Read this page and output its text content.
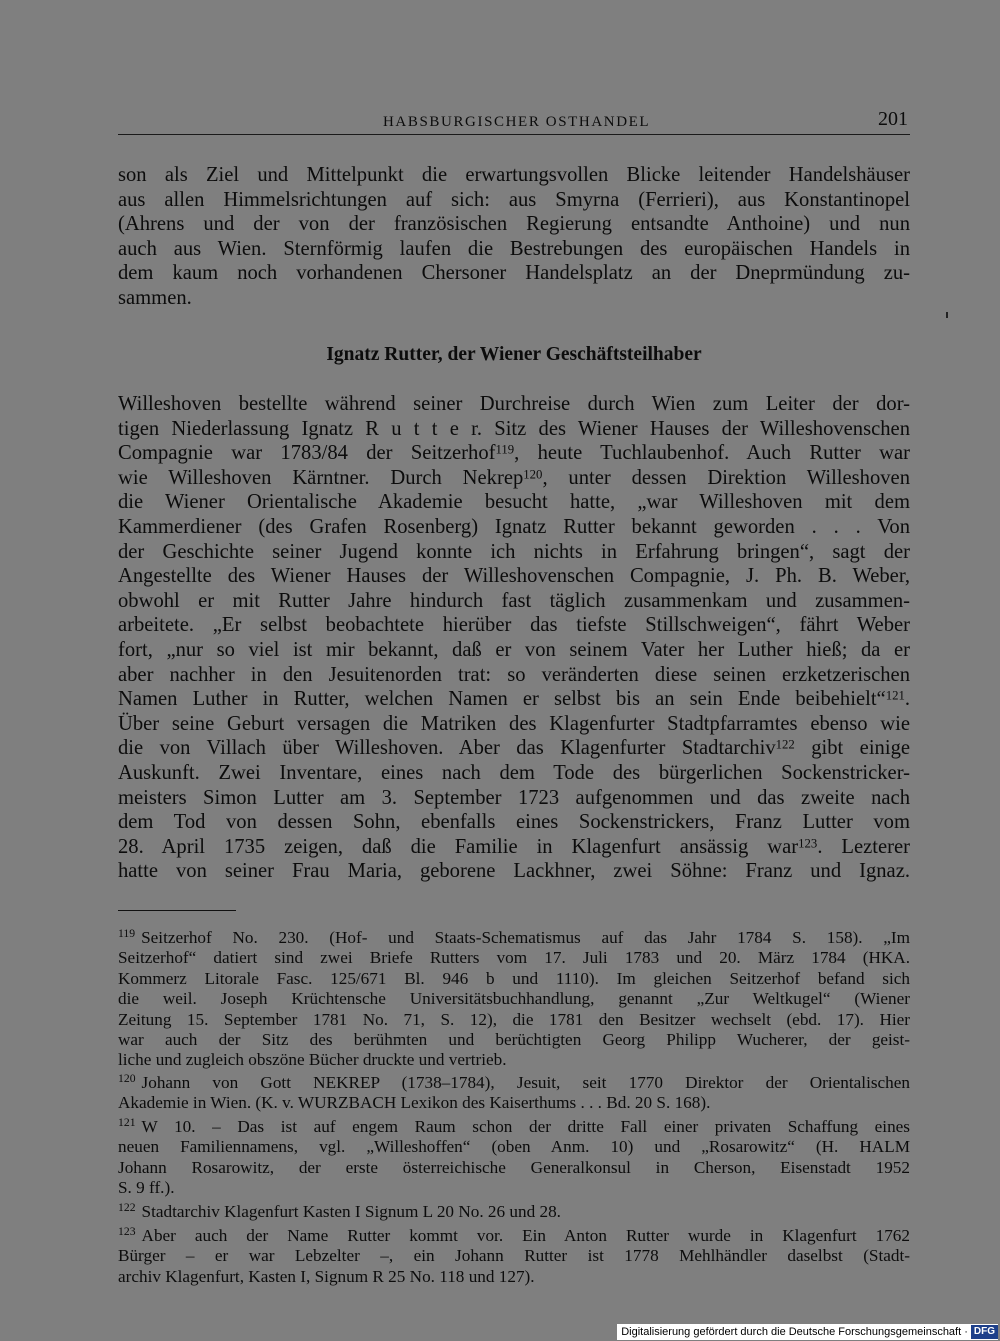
HABSBURGISCHER OSTHANDEL	201
son als Ziel und Mittelpunkt die erwartungsvollen Blicke leitender Handelshäuser
aus allen Himmelsrichtungen auf sich: aus Smyrna (Ferrieri), aus Konstantinopel
(Ahrens und der von der französischen Regierung entsandte Anthoine) und nun
auch aus Wien. Sternförmig laufen die Bestrebungen des europäischen Handels in
dem kaum noch vorhandenen Chersoner Handelsplatz an der Dneprmündung zu-
sammen.
Ignatz Rutter, der Wiener Geschäftsteilhaber
Willeshoven bestellte während seiner Durchreise durch Wien zum Leiter der dor-
tigen Niederlassung Ignatz R u t t e r. Sitz des Wiener Hauses der Willeshovenschen
Compagnie war 1783/84 der Seitzerhof$^{119}$, heute Tuchlaubenhof. Auch Rutter war
wie Willeshoven Kärntner. Durch Nekrep$^{120}$, unter dessen Direktion Willeshoven
die Wiener Orientalische Akademie besucht hatte, „war Willeshoven mit dem
Kammerdiener (des Grafen Rosenberg) Ignatz Rutter bekannt geworden . . . Von
der Geschichte seiner Jugend konnte ich nichts in Erfahrung bringen“, sagt der
Angestellte des Wiener Hauses der Willeshovenschen Compagnie, J. Ph. B. Weber,
obwohl er mit Rutter Jahre hindurch fast täglich zusammenkam und zusammen-
arbeitete. „Er selbst beobachtete hierüber das tiefste Stillschweigen“, fährt Weber
fort, „nur so viel ist mir bekannt, daß er von seinem Vater her Luther hieß; da er
aber nachher in den Jesuitenorden trat: so veränderten diese seinen erzketzerischen
Namen Luther in Rutter, welchen Namen er selbst bis an sein Ende beibehielt“$^{121}$.
Über seine Geburt versagen die Matriken des Klagenfurter Stadtpfarramtes ebenso wie
die von Villach über Willeshoven. Aber das Klagenfurter Stadtarchiv$^{122}$ gibt einige
Auskunft. Zwei Inventare, eines nach dem Tode des bürgerlichen Sockenstricker-
meisters Simon Lutter am 3. September 1723 aufgenommen und das zweite nach
dem Tod von dessen Sohn, ebenfalls eines Sockenstrickers, Franz Lutter vom
28. April 1735 zeigen, daß die Familie in Klagenfurt ansässig war$^{123}$. Lezterer
hatte von seiner Frau Maria, geborene Lackhner, zwei Söhne: Franz und Ignaz.
$^{119}$ Seitzerhof No. 230. (Hof- und Staats-Schematismus auf das Jahr 1784 S. 158). „Im
Seitzerhof“ datiert sind zwei Briefe Rutters vom 17. Juli 1783 und 20. März 1784 (HKA.
Kommerz Litorale Fasc. 125/671 Bl. 946 b und 1110). Im gleichen Seitzerhof befand sich
die weil. Joseph Krüchtensche Universitätsbuchhandlung, genannt „Zur Weltkugel“ (Wiener
Zeitung 15. September 1781 No. 71, S. 12), die 1781 den Besitzer wechselt (ebd. 17). Hier
war auch der Sitz des berühmten und berüchtigten Georg Philipp Wucherer, der geist-
liche und zugleich obszöne Bücher druckte und vertrieb.
$^{120}$ Johann von Gott NEKREP (1738–1784), Jesuit, seit 1770 Direktor der Orientalischen
Akademie in Wien. (K. v. WURZBACH Lexikon des Kaiserthums . . . Bd. 20 S. 168).
$^{121}$ W 10. – Das ist auf engem Raum schon der dritte Fall einer privaten Schaffung eines
neuen Familiennamens, vgl. „Willeshoffen“ (oben Anm. 10) und „Rosarowitz“ (H. HALM
Johann Rosarowitz, der erste österreichische Generalkonsul in Cherson, Eisenstadt 1952
S. 9 ff.).
$^{122}$ Stadtarchiv Klagenfurt Kasten I Signum L 20 No. 26 und 28.
$^{123}$ Aber auch der Name Rutter kommt vor. Ein Anton Rutter wurde in Klagenfurt 1762
Bürger – er war Lebzelter –, ein Johann Rutter ist 1778 Mehlhändler daselbst (Stadt-
archiv Klagenfurt, Kasten I, Signum R 25 No. 118 und 127).
Digitalisierung gefördert durch die Deutsche Forschungsgemeinschaft · DFG
